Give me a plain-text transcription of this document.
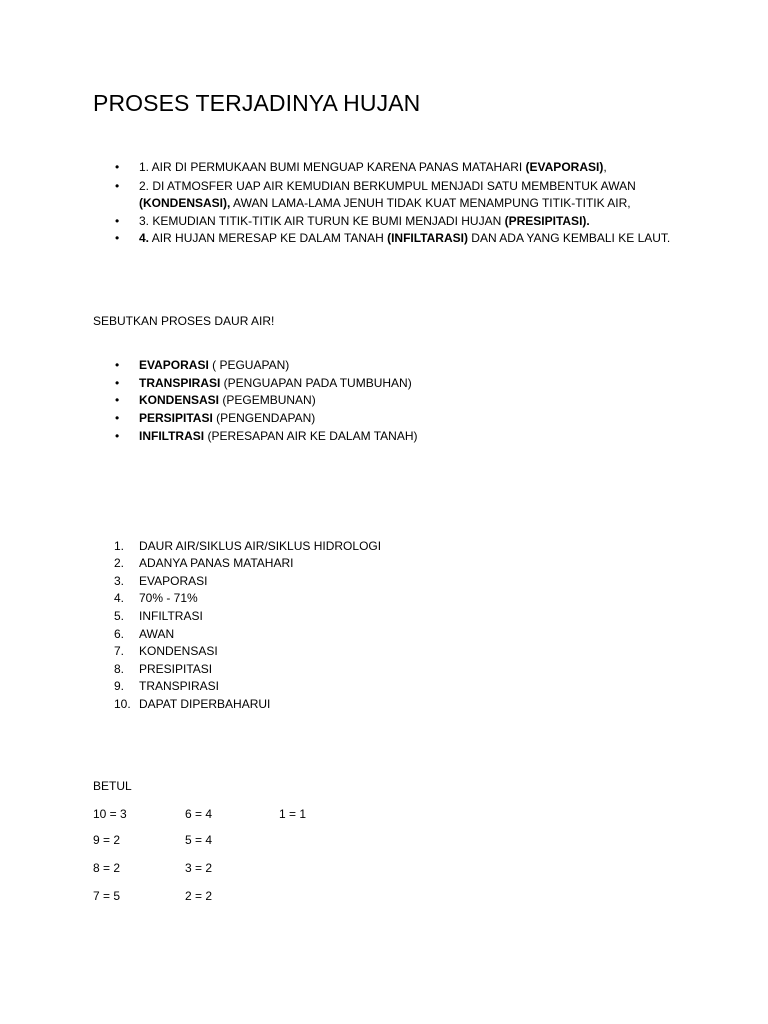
PROSES TERJADINYA HUJAN
• 1. AIR DI PERMUKAAN BUMI MENGUAP KARENA PANAS MATAHARI (EVAPORASI),
• 2. DI ATMOSFER UAP AIR KEMUDIAN BERKUMPUL MENJADI SATU MEMBENTUK AWAN
(KONDENSASI), AWAN LAMA-LAMA JENUH TIDAK KUAT MENAMPUNG TITIK-TITIK AIR,
• 3. KEMUDIAN TITIK-TITIK AIR TURUN KE BUMI MENJADI HUJAN (PRESIPITASI).
• 4. AIR HUJAN MERESAP KE DALAM TANAH (INFILTARASI) DAN ADA YANG KEMBALI KE LAUT.
SEBUTKAN PROSES DAUR AIR!
• EVAPORASI ( PEGUAPAN)
• TRANSPIRASI (PENGUAPAN PADA TUMBUHAN)
• KONDENSASI (PEGEMBUNAN)
• PERSIPITASI (PENGENDAPAN)
• INFILTRASI (PERESAPAN AIR KE DALAM TANAH)
1. DAUR AIR/SIKLUS AIR/SIKLUS HIDROLOGI
2. ADANYA PANAS MATAHARI
3. EVAPORASI
4. 70% - 71%
5. INFILTRASI
6. AWAN
7. KONDENSASI
8. PRESIPITASI
9. TRANSPIRASI
10. DAPAT DIPERBAHARUI
BETUL
10 = 3	6 = 4	1 = 1
9 = 2	5 = 4
8 = 2	3 = 2
7 = 5	2 = 2
